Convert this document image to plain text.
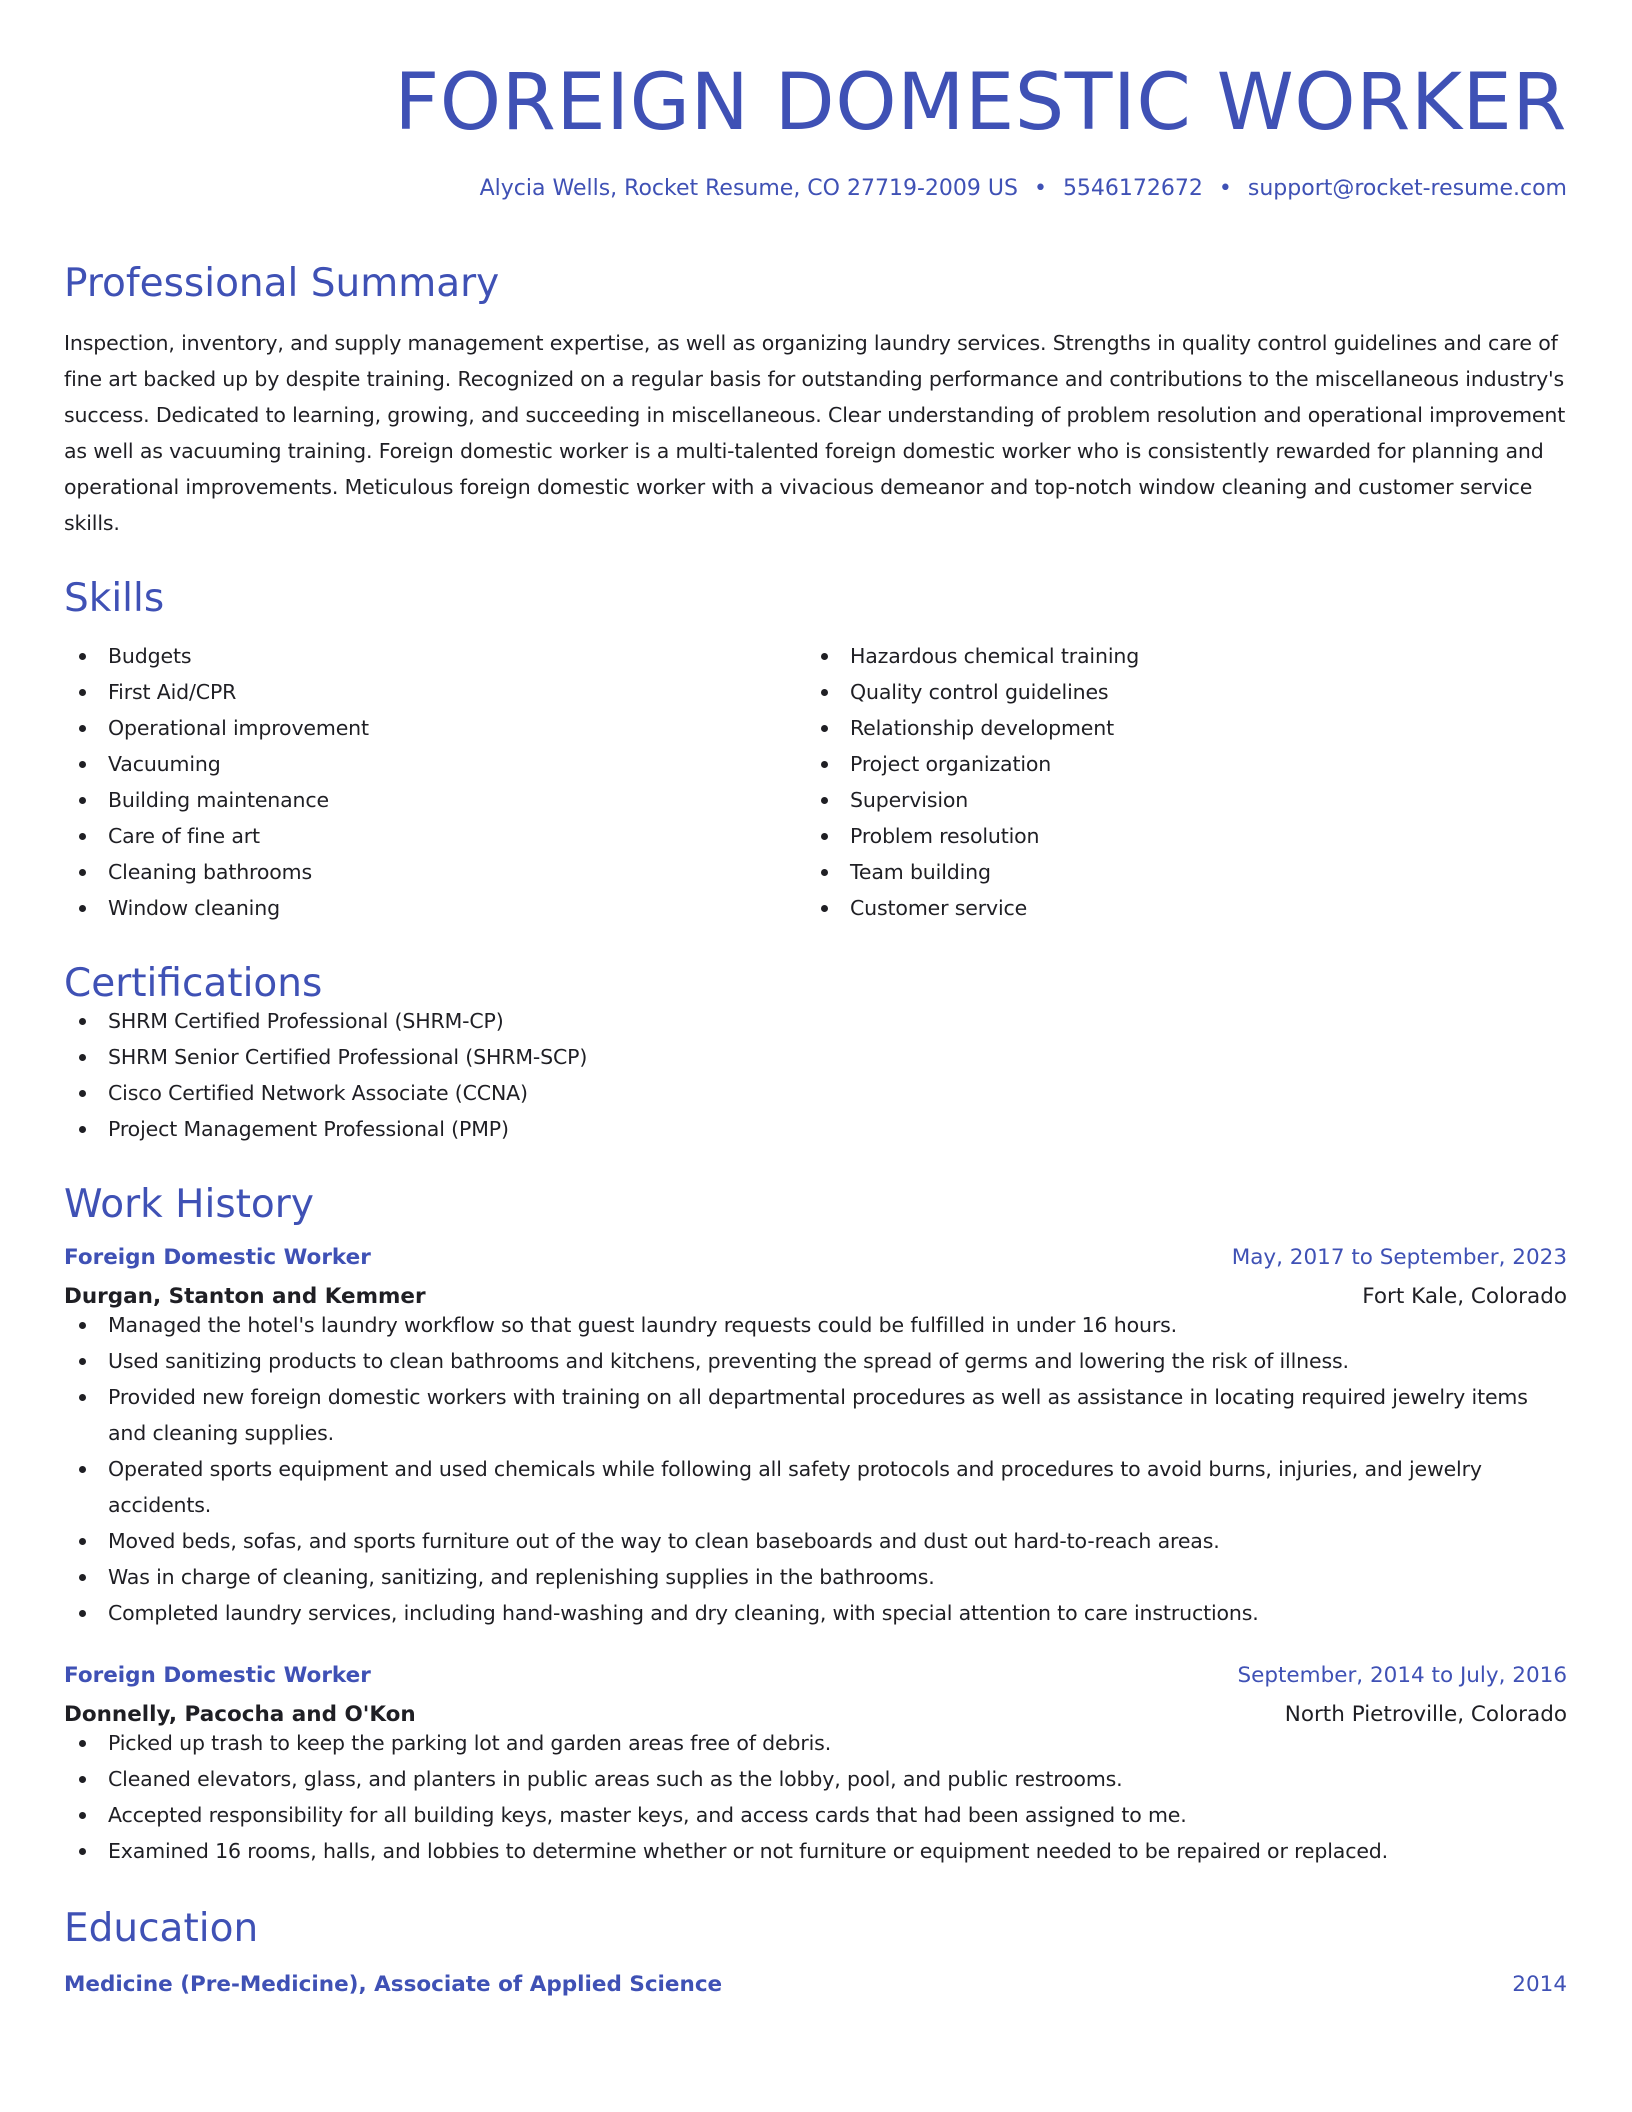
FOREIGN DOMESTIC WORKER
Alycia Wells, Rocket Resume, CO 27719-2009 US • 5546172672 • support@rocket-resume.com
Professional Summary
Inspection, inventory, and supply management expertise, as well as organizing laundry services. Strengths in quality control guidelines and care of fine art backed up by despite training. Recognized on a regular basis for outstanding performance and contributions to the miscellaneous industry's success. Dedicated to learning, growing, and succeeding in miscellaneous. Clear understanding of problem resolution and operational improvement as well as vacuuming training. Foreign domestic worker is a multi-talented foreign domestic worker who is consistently rewarded for planning and operational improvements. Meticulous foreign domestic worker with a vivacious demeanor and top-notch window cleaning and customer service skills.
Skills
Budgets
First Aid/CPR
Operational improvement
Vacuuming
Building maintenance
Care of fine art
Cleaning bathrooms
Window cleaning
Hazardous chemical training
Quality control guidelines
Relationship development
Project organization
Supervision
Problem resolution
Team building
Customer service
Certifications
SHRM Certified Professional (SHRM-CP)
SHRM Senior Certified Professional (SHRM-SCP)
Cisco Certified Network Associate (CCNA)
Project Management Professional (PMP)
Work History
Foreign Domestic Worker	May, 2017 to September, 2023
Durgan, Stanton and Kemmer	Fort Kale, Colorado
Managed the hotel's laundry workflow so that guest laundry requests could be fulfilled in under 16 hours.
Used sanitizing products to clean bathrooms and kitchens, preventing the spread of germs and lowering the risk of illness.
Provided new foreign domestic workers with training on all departmental procedures as well as assistance in locating required jewelry items and cleaning supplies.
Operated sports equipment and used chemicals while following all safety protocols and procedures to avoid burns, injuries, and jewelry accidents.
Moved beds, sofas, and sports furniture out of the way to clean baseboards and dust out hard-to-reach areas.
Was in charge of cleaning, sanitizing, and replenishing supplies in the bathrooms.
Completed laundry services, including hand-washing and dry cleaning, with special attention to care instructions.
Foreign Domestic Worker	September, 2014 to July, 2016
Donnelly, Pacocha and O'Kon	North Pietroville, Colorado
Picked up trash to keep the parking lot and garden areas free of debris.
Cleaned elevators, glass, and planters in public areas such as the lobby, pool, and public restrooms.
Accepted responsibility for all building keys, master keys, and access cards that had been assigned to me.
Examined 16 rooms, halls, and lobbies to determine whether or not furniture or equipment needed to be repaired or replaced.
Education
Medicine (Pre-Medicine), Associate of Applied Science	2014
